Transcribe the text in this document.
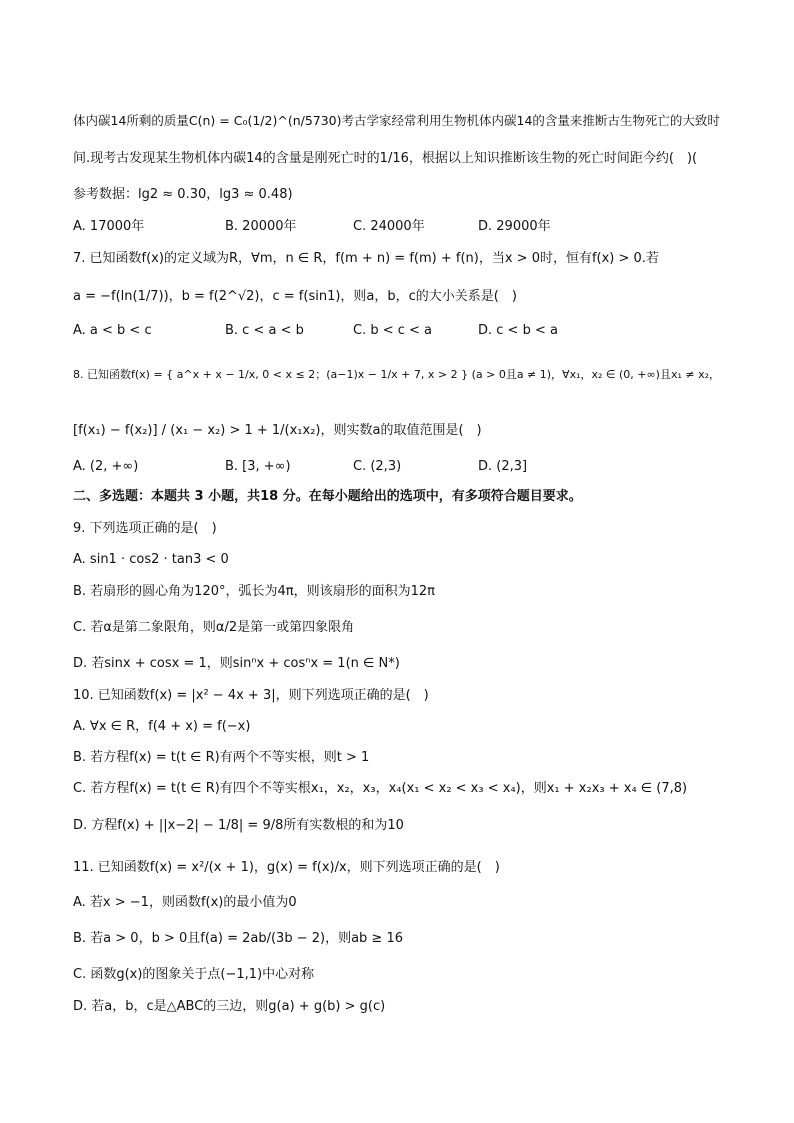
体内碳14所剩的质量C(n) = C₀(1/2)^(n/5730)考古学家经常利用生物机体内碳14的含量来推断古生物死亡的大致时
间.现考古发现某生物机体内碳14的含量是刚死亡时的1/16，根据以上知识推断该生物的死亡时间距今约(　)(
参考数据：lg2 ≈ 0.30，lg3 ≈ 0.48)
A. 17000年	B. 20000年	C. 24000年	D. 29000年
7. 已知函数f(x)的定义域为R，∀m，n ∈ R，f(m + n) = f(m) + f(n)，当x > 0时，恒有f(x) > 0.若
a = −f(ln(1/7))，b = f(2^√2)，c = f(sin1)，则a，b，c的大小关系是(　)
A. a < b < c	B. c < a < b	C. b < c < a	D. c < b < a
8. 已知函数f(x) = { a^x + x − 1/x, 0 < x ≤ 2；(a−1)x − 1/x + 7, x > 2 } (a > 0且a ≠ 1)，∀x₁，x₂ ∈ (0, +∞)且x₁ ≠ x₂，
[f(x₁) − f(x₂)] / (x₁ − x₂) > 1 + 1/(x₁x₂)，则实数a的取值范围是(　)
A. (2, +∞)	B. [3, +∞)	C. (2,3)	D. (2,3]
二、多选题：本题共 3 小题，共18 分。在每小题给出的选项中，有多项符合题目要求。
9. 下列选项正确的是(　)
A. sin1 · cos2 · tan3 < 0
B. 若扇形的圆心角为120°，弧长为4π，则该扇形的面积为12π
C. 若α是第二象限角，则α/2是第一或第四象限角
D. 若sinx + cosx = 1，则sinⁿx + cosⁿx = 1(n ∈ N*)
10. 已知函数f(x) = |x² − 4x + 3|，则下列选项正确的是(　)
A. ∀x ∈ R，f(4 + x) = f(−x)
B. 若方程f(x) = t(t ∈ R)有两个不等实根，则t > 1
C. 若方程f(x) = t(t ∈ R)有四个不等实根x₁，x₂，x₃，x₄(x₁ < x₂ < x₃ < x₄)，则x₁ + x₂x₃ + x₄ ∈ (7,8)
D. 方程f(x) + ||x−2| − 1/8| = 9/8所有实数根的和为10
11. 已知函数f(x) = x²/(x + 1)，g(x) = f(x)/x，则下列选项正确的是(　)
A. 若x > −1，则函数f(x)的最小值为0
B. 若a > 0，b > 0且f(a) = 2ab/(3b − 2)，则ab ≥ 16
C. 函数g(x)的图象关于点(−1,1)中心对称
D. 若a，b，c是△ABC的三边，则g(a) + g(b) > g(c)
